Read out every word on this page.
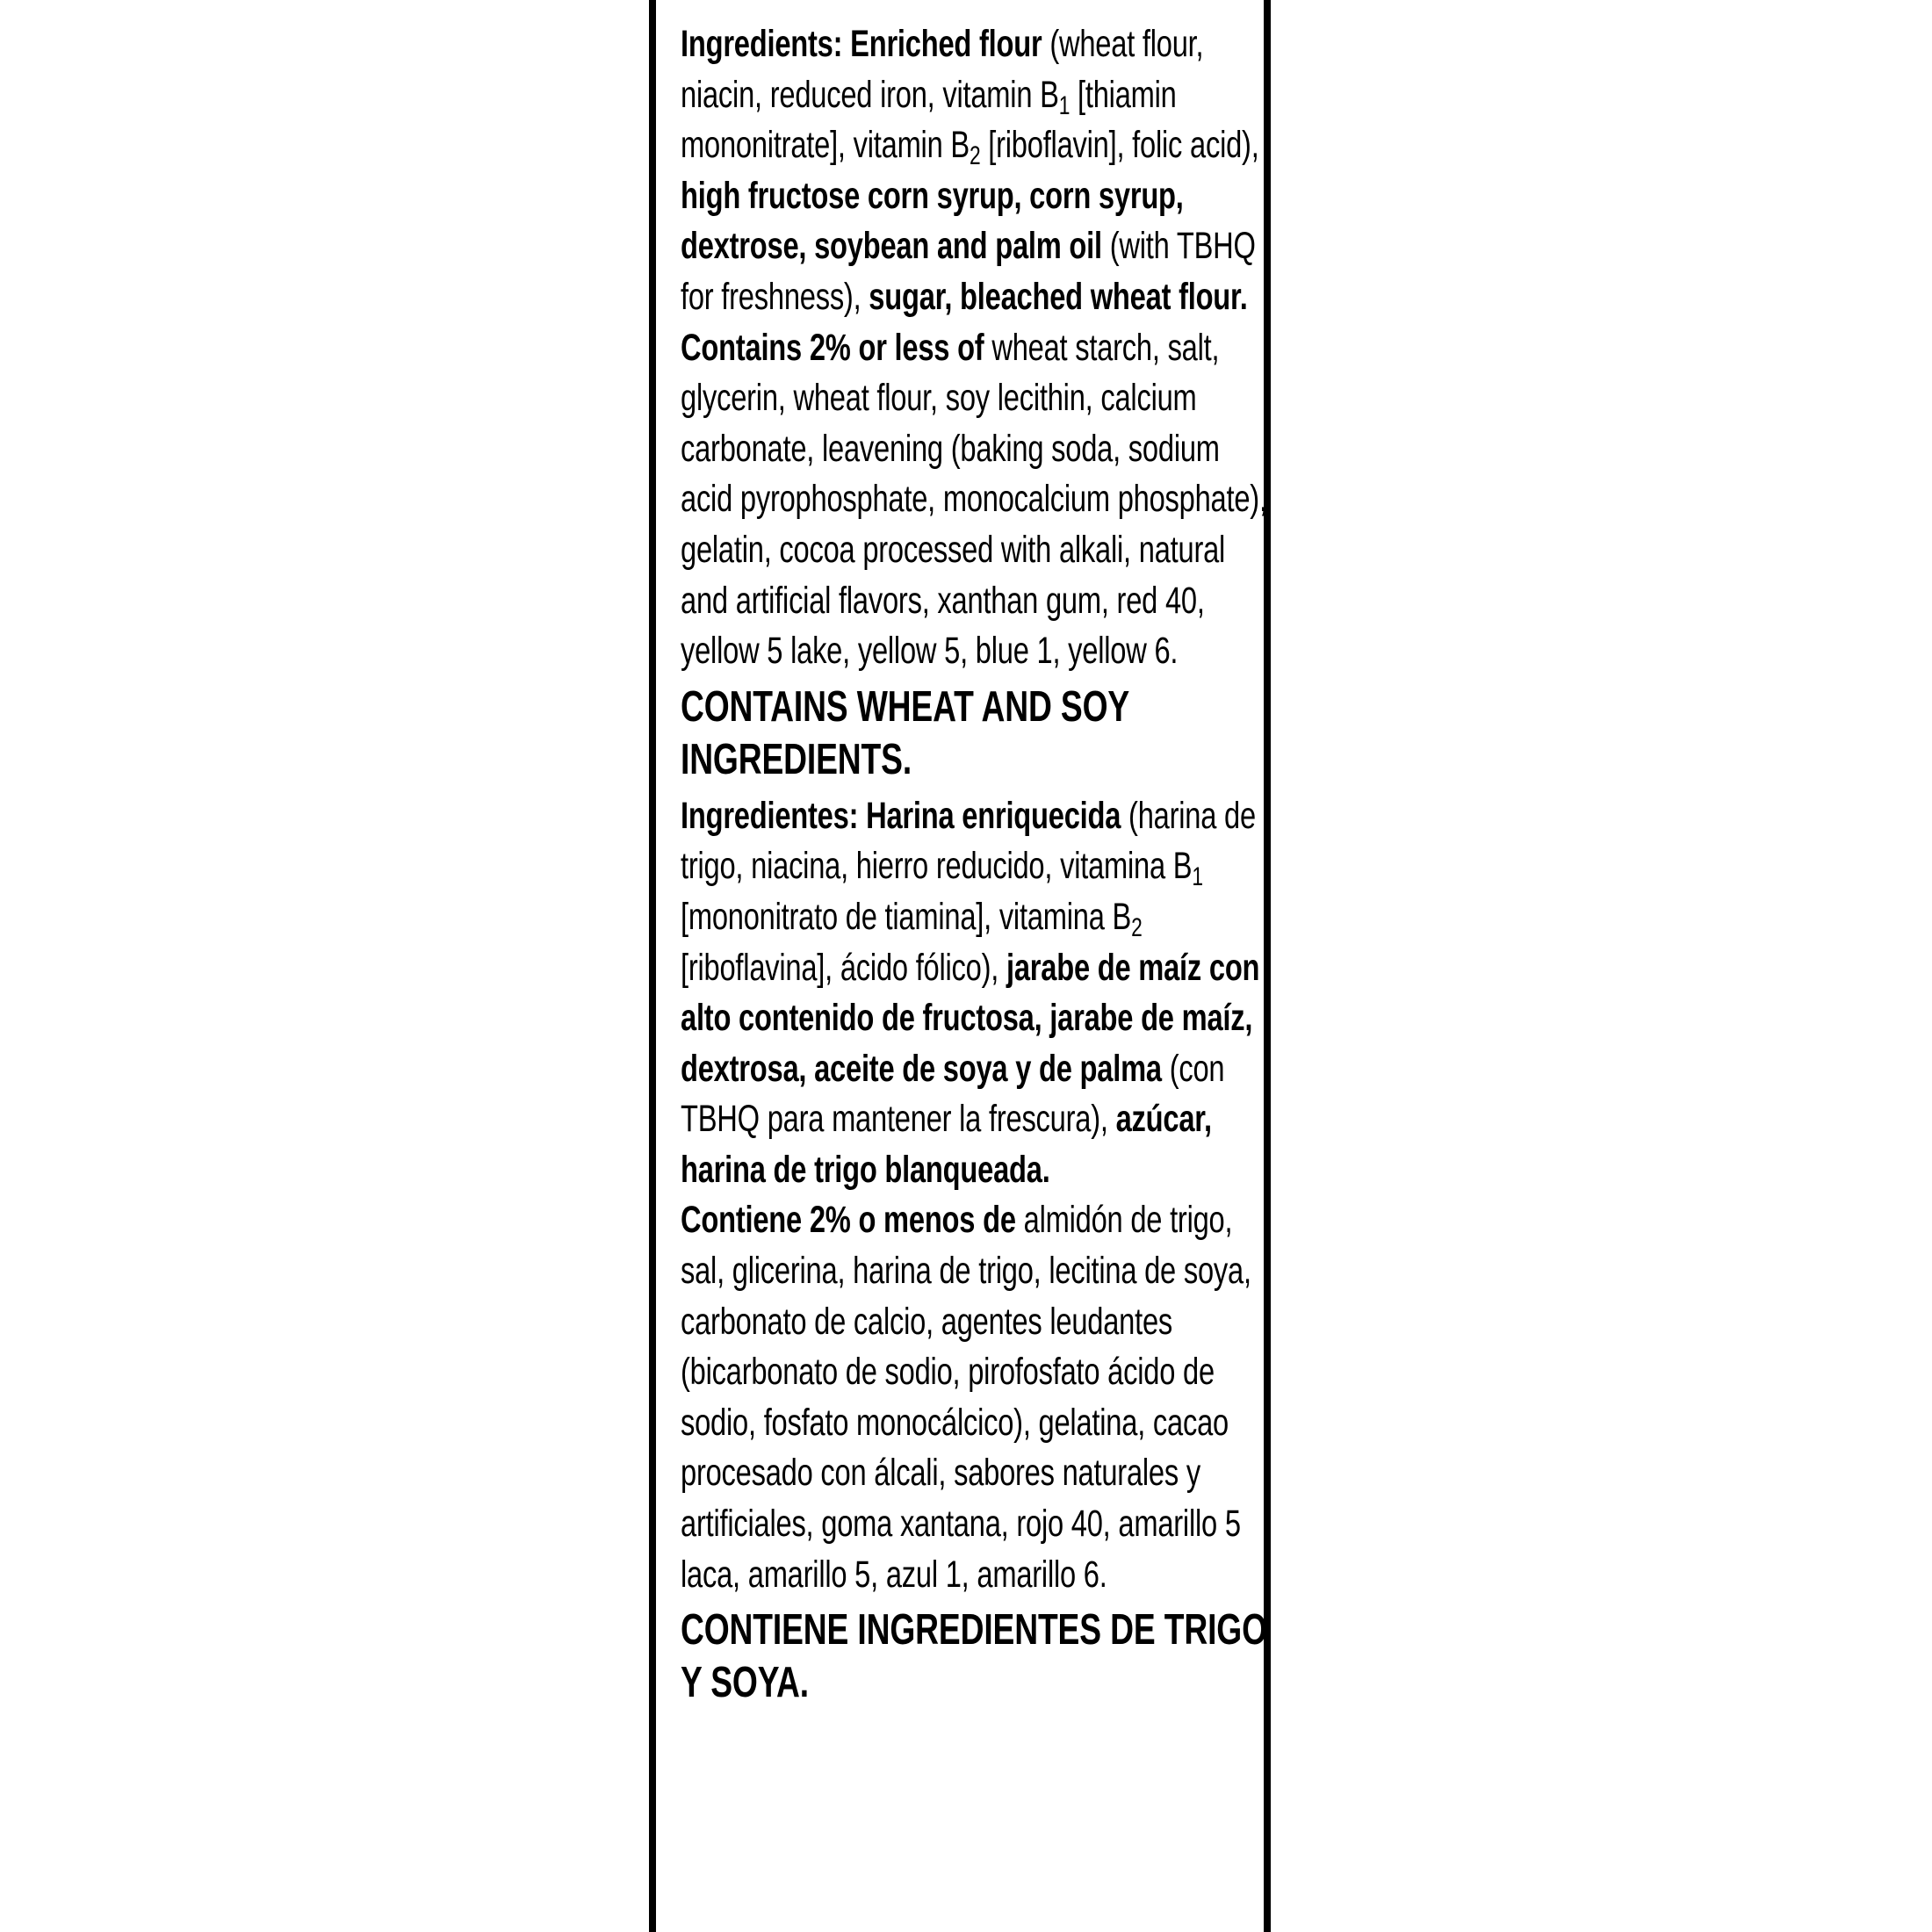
Ingredients: Enriched flour (wheat flour, niacin, reduced iron, vitamin B1 [thiamin mononitrate], vitamin B2 [riboflavin], folic acid), high fructose corn syrup, corn syrup, dextrose, soybean and palm oil (with TBHQ for freshness), sugar, bleached wheat flour.

Contains 2% or less of wheat starch, salt, glycerin, wheat flour, soy lecithin, calcium carbonate, leavening (baking soda, sodium acid pyrophosphate, monocalcium phosphate), gelatin, cocoa processed with alkali, natural and artificial flavors, xanthan gum, red 40, yellow 5 lake, yellow 5, blue 1, yellow 6.

CONTAINS WHEAT AND SOY INGREDIENTS.

Ingredientes: Harina enriquecida (harina de trigo, niacina, hierro reducido, vitamina B1 [mononitrato de tiamina], vitamina B2 [riboflavina], ácido fólico), jarabe de maíz con alto contenido de fructosa, jarabe de maíz, dextrosa, aceite de soya y de palma (con TBHQ para mantener la frescura), azúcar, harina de trigo blanqueada.

Contiene 2% o menos de almidón de trigo, sal, glicerina, harina de trigo, lecitina de soya, carbonato de calcio, agentes leudantes (bicarbonato de sodio, pirofosfato ácido de sodio, fosfato monocálcico), gelatina, cacao procesado con álcali, sabores naturales y artificiales, goma xantana, rojo 40, amarillo 5 laca, amarillo 5, azul 1, amarillo 6.

CONTIENE INGREDIENTES DE TRIGO Y SOYA.
